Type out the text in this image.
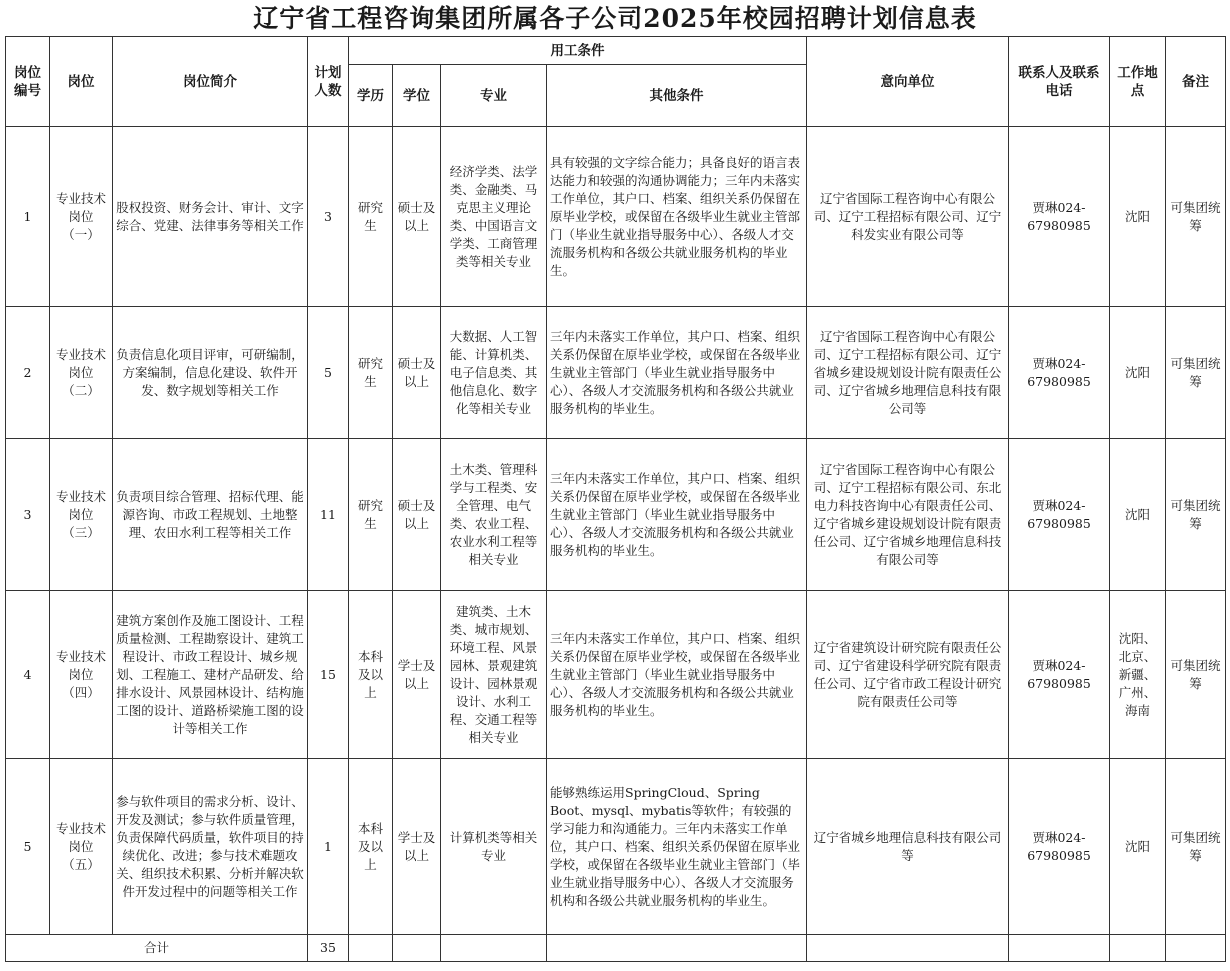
辽宁省工程咨询集团所属各子公司2025年校园招聘计划信息表
岗位编号	岗位	岗位简介	计划人数	用工条件				意向单位	联系人及联系电话	工作地点	备注
				学历	学位	专业	其他条件				
1	专业技术岗位（一）	股权投资、财务会计、审计、文字综合、党建、法律事务等相关工作	3	研究生	硕士及以上	经济学类、法学类、金融类、马克思主义理论类、中国语言文学类、工商管理类等相关专业	具有较强的文字综合能力；具备良好的语言表达能力和较强的沟通协调能力；三年内未落实工作单位，其户口、档案、组织关系仍保留在原毕业学校，或保留在各级毕业生就业主管部门（毕业生就业指导服务中心）、各级人才交流服务机构和各级公共就业服务机构的毕业生。	辽宁省国际工程咨询中心有限公司、辽宁工程招标有限公司、辽宁科发实业有限公司等	贾琳024-67980985	沈阳	可集团统筹
2	专业技术岗位（二）	负责信息化项目评审，可研编制，方案编制，信息化建设、软件开发、数字规划等相关工作	5	研究生	硕士及以上	大数据、人工智能、计算机类、电子信息类、其他信息化、数字化等相关专业	三年内未落实工作单位，其户口、档案、组织关系仍保留在原毕业学校，或保留在各级毕业生就业主管部门（毕业生就业指导服务中心）、各级人才交流服务机构和各级公共就业服务机构的毕业生。	辽宁省国际工程咨询中心有限公司、辽宁工程招标有限公司、辽宁省城乡建设规划设计院有限责任公司、辽宁省城乡地理信息科技有限公司等	贾琳024-67980985	沈阳	可集团统筹
3	专业技术岗位（三）	负责项目综合管理、招标代理、能源咨询、市政工程规划、土地整理、农田水利工程等相关工作	11	研究生	硕士及以上	土木类、管理科学与工程类、安全管理、电气类、农业工程、农业水利工程等相关专业	三年内未落实工作单位，其户口、档案、组织关系仍保留在原毕业学校，或保留在各级毕业生就业主管部门（毕业生就业指导服务中心）、各级人才交流服务机构和各级公共就业服务机构的毕业生。	辽宁省国际工程咨询中心有限公司、辽宁工程招标有限公司、东北电力科技咨询中心有限责任公司、辽宁省城乡建设规划设计院有限责任公司、辽宁省城乡地理信息科技有限公司等	贾琳024-67980985	沈阳	可集团统筹
4	专业技术岗位（四）	建筑方案创作及施工图设计、工程质量检测、工程勘察设计、建筑工程设计、市政工程设计、城乡规划、工程施工、建材产品研发、给排水设计、风景园林设计、结构施工图的设计、道路桥梁施工图的设计等相关工作	15	本科及以上	学士及以上	建筑类、土木类、城市规划、环境工程、风景园林、景观建筑设计、园林景观设计、水利工程、交通工程等相关专业	三年内未落实工作单位，其户口、档案、组织关系仍保留在原毕业学校，或保留在各级毕业生就业主管部门（毕业生就业指导服务中心）、各级人才交流服务机构和各级公共就业服务机构的毕业生。	辽宁省建筑设计研究院有限责任公司、辽宁省建设科学研究院有限责任公司、辽宁省市政工程设计研究院有限责任公司等	贾琳024-67980985	沈阳、北京、新疆、广州、海南	可集团统筹
5	专业技术岗位（五）	参与软件项目的需求分析、设计、开发及测试；参与软件质量管理，负责保障代码质量，软件项目的持续优化、改进；参与技术难题攻关、组织技术积累、分析并解决软件开发过程中的问题等相关工作	1	本科及以上	学士及以上	计算机类等相关专业	能够熟练运用SpringCloud、Spring Boot、mysql、mybatis等软件；有较强的学习能力和沟通能力。三年内未落实工作单位，其户口、档案、组织关系仍保留在原毕业学校，或保留在各级毕业生就业主管部门（毕业生就业指导服务中心）、各级人才交流服务机构和各级公共就业服务机构的毕业生。	辽宁省城乡地理信息科技有限公司等	贾琳024-67980985	沈阳	可集团统筹
合计			35								
